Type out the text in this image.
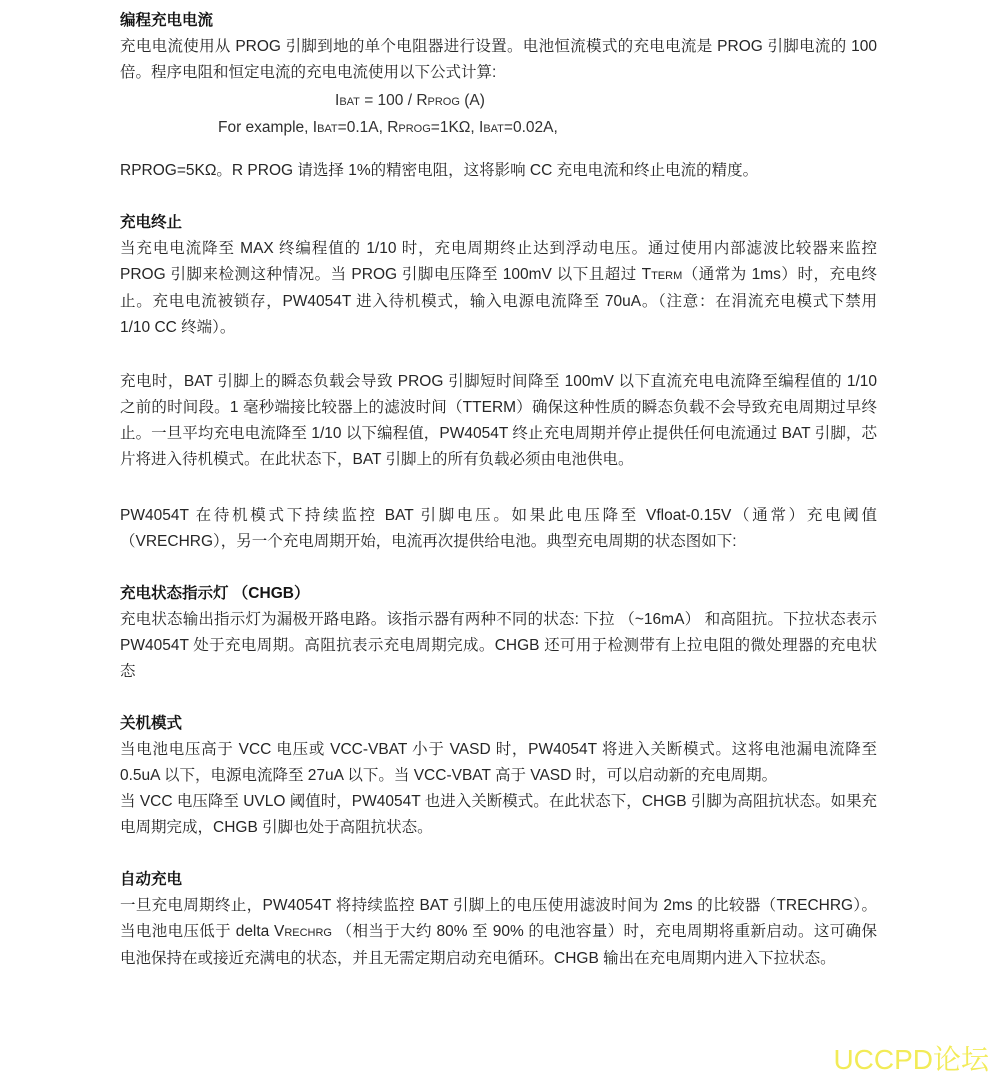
编程充电电流

充电电流使用从 PROG 引脚到地的单个电阻器进行设置。电池恒流模式的充电电流是 PROG 引脚电流的 100 倍。程序电阻和恒定电流的充电电流使用以下公式计算:

IBAT = 100 / RPROG (A)

For example, IBAT=0.1A, RPROG=1KΩ, IBAT=0.02A,

RPROG=5KΩ。R PROG 请选择 1%的精密电阻，这将影响 CC 充电电流和终止电流的精度。

充电终止

当充电电流降至 MAX 终编程值的 1/10 时，充电周期终止达到浮动电压。通过使用内部滤波比较器来监控 PROG 引脚来检测这种情况。当 PROG 引脚电压降至 100mV 以下且超过 TTERM（通常为 1ms）时，充电终止。充电电流被锁存，PW4054T 进入待机模式，输入电源电流降至 70uA。（注意：在涓流充电模式下禁用 1/10 CC 终端）。

充电时，BAT 引脚上的瞬态负载会导致 PROG 引脚短时间降至 100mV 以下直流充电电流降至编程值的 1/10 之前的时间段。1 毫秒端接比较器上的滤波时间（TTERM）确保这种性质的瞬态负载不会导致充电周期过早终止。一旦平均充电电流降至 1/10 以下编程值，PW4054T 终止充电周期并停止提供任何电流通过 BAT 引脚，芯片将进入待机模式。在此状态下，BAT 引脚上的所有负载必须由电池供电。

PW4054T 在待机模式下持续监控 BAT 引脚电压。如果此电压降至 Vfloat-0.15V（通常）充电阈值（VRECHRG），另一个充电周期开始，电流再次提供给电池。典型充电周期的状态图如下:

充电状态指示灯 （CHGB）

充电状态输出指示灯为漏极开路电路。该指示器有两种不同的状态: 下拉 （~16mA） 和高阻抗。下拉状态表示 PW4054T 处于充电周期。高阻抗表示充电周期完成。CHGB 还可用于检测带有上拉电阻的微处理器的充电状态

关机模式

当电池电压高于 VCC 电压或 VCC-VBAT 小于 VASD 时，PW4054T 将进入关断模式。这将电池漏电流降至 0.5uA 以下，电源电流降至 27uA 以下。当 VCC-VBAT 高于 VASD 时，可以启动新的充电周期。

当 VCC 电压降至 UVLO 阈值时，PW4054T 也进入关断模式。在此状态下，CHGB 引脚为高阻抗状态。如果充电周期完成，CHGB 引脚也处于高阻抗状态。

自动充电

一旦充电周期终止，PW4054T 将持续监控 BAT 引脚上的电压使用滤波时间为 2ms 的比较器（TRECHRG）。当电池电压低于 delta VRECHRG （相当于大约 80% 至 90% 的电池容量）时，充电周期将重新启动。这可确保电池保持在或接近充满电的状态，并且无需定期启动充电循环。CHGB 输出在充电周期内进入下拉状态。

UCCPD论坛
